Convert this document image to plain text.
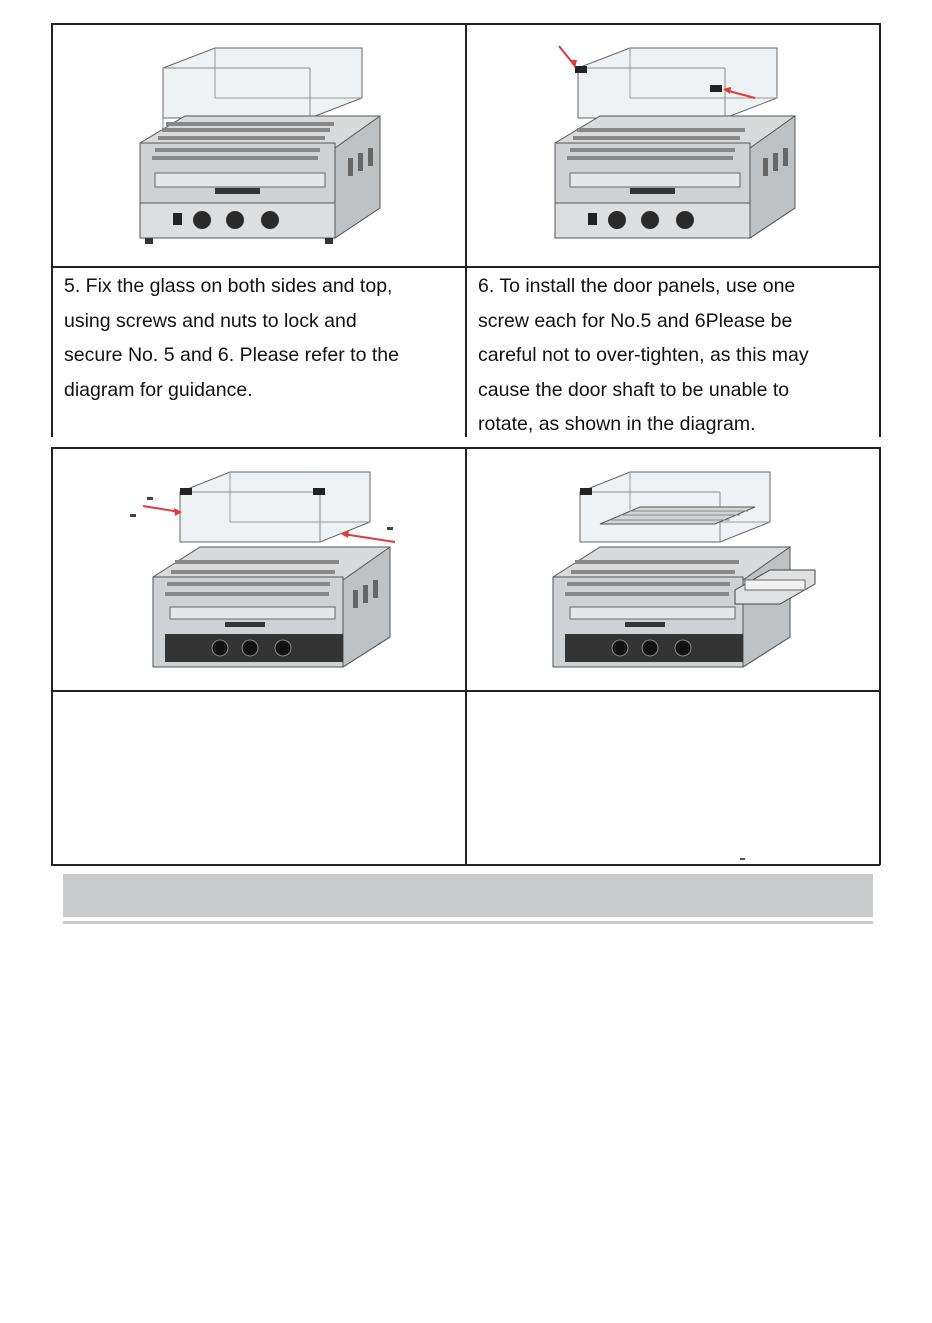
5. Fix the glass on both sides and top,
using screws and nuts to lock and
secure No. 5 and 6. Please refer to the
diagram for guidance.
6. To install the door panels, use one
screw each for No.5 and 6Please be
careful not to over-tighten, as this may
cause the door shaft to be unable to
rotate, as shown in the diagram.
